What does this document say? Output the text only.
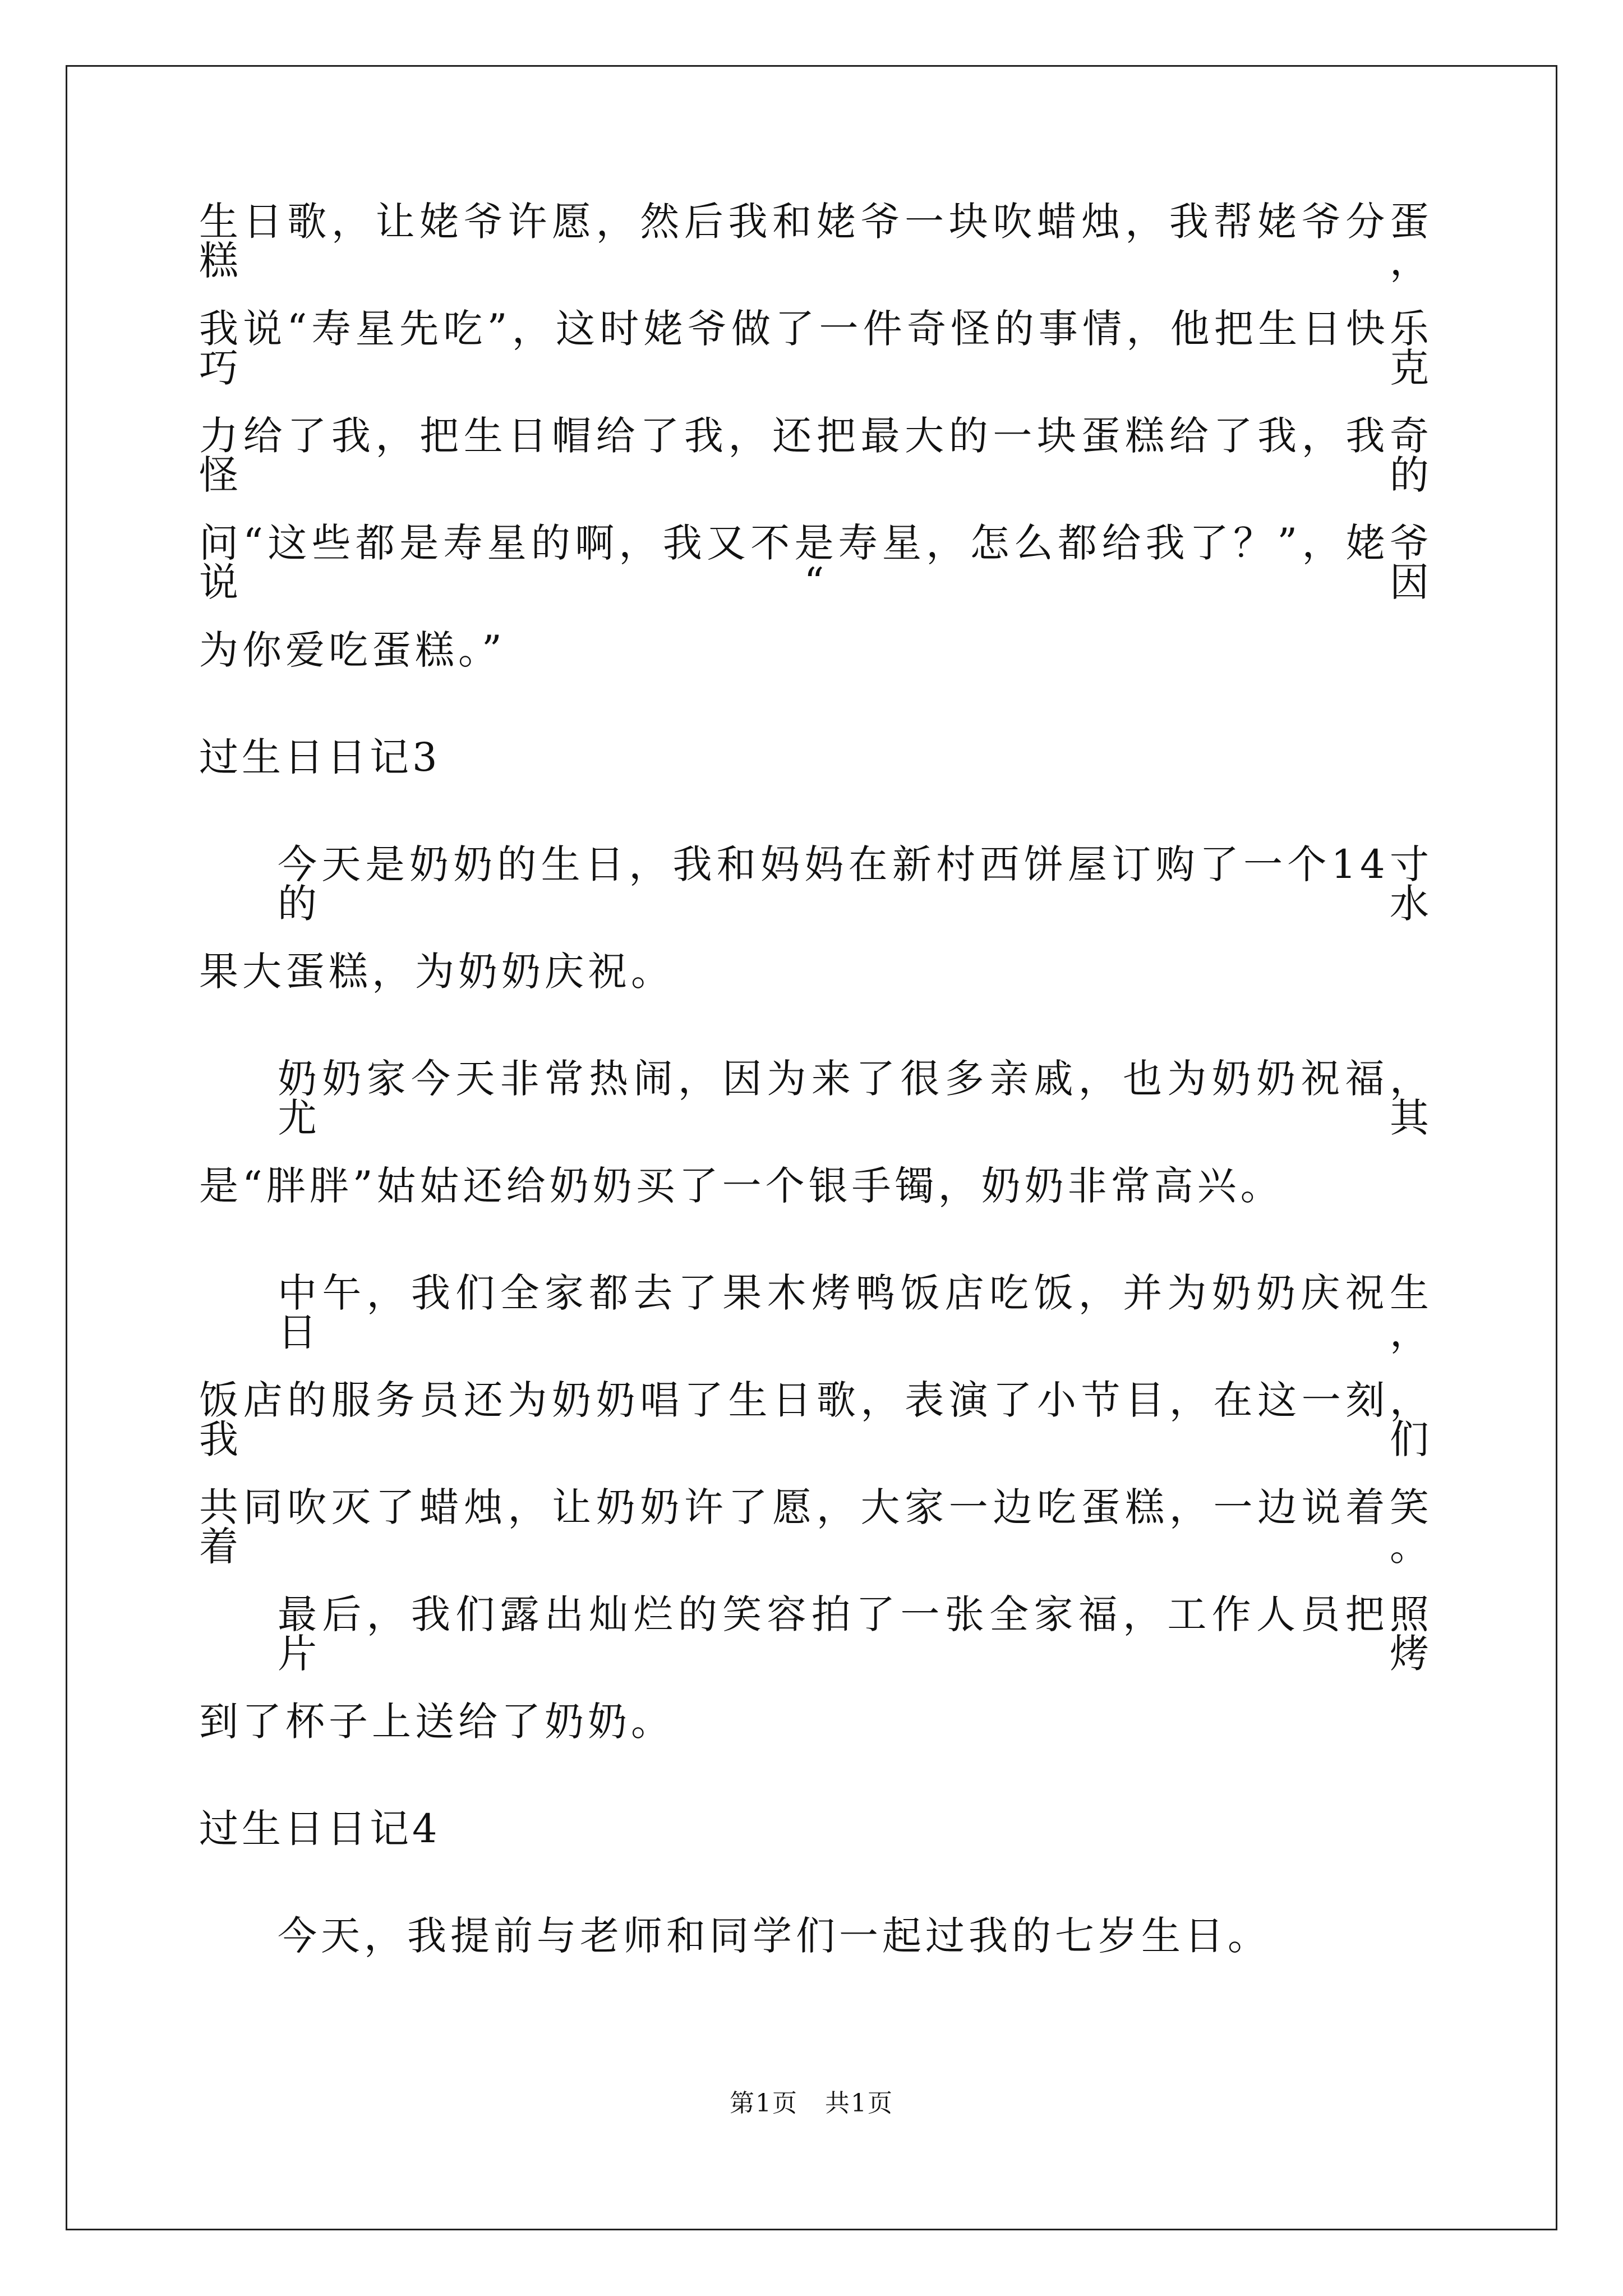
生日歌，让姥爷许愿，然后我和姥爷一块吹蜡烛，我帮姥爷分蛋糕，
我说“寿星先吃”，这时姥爷做了一件奇怪的事情，他把生日快乐巧克
力给了我，把生日帽给了我，还把最大的一块蛋糕给了我，我奇怪的
问“这些都是寿星的啊，我又不是寿星，怎么都给我了？”，姥爷说“因
为你爱吃蛋糕。”
过生日日记3
今天是奶奶的生日，我和妈妈在新村西饼屋订购了一个14寸的水
果大蛋糕，为奶奶庆祝。
奶奶家今天非常热闹，因为来了很多亲戚，也为奶奶祝福，尤其
是“胖胖”姑姑还给奶奶买了一个银手镯，奶奶非常高兴。
中午，我们全家都去了果木烤鸭饭店吃饭，并为奶奶庆祝生日，
饭店的服务员还为奶奶唱了生日歌，表演了小节目，在这一刻，我们
共同吹灭了蜡烛，让奶奶许了愿，大家一边吃蛋糕，一边说着笑着。
最后，我们露出灿烂的笑容拍了一张全家福，工作人员把照片烤
到了杯子上送给了奶奶。
过生日日记4
今天，我提前与老师和同学们一起过我的七岁生日。
第1页 共1页
